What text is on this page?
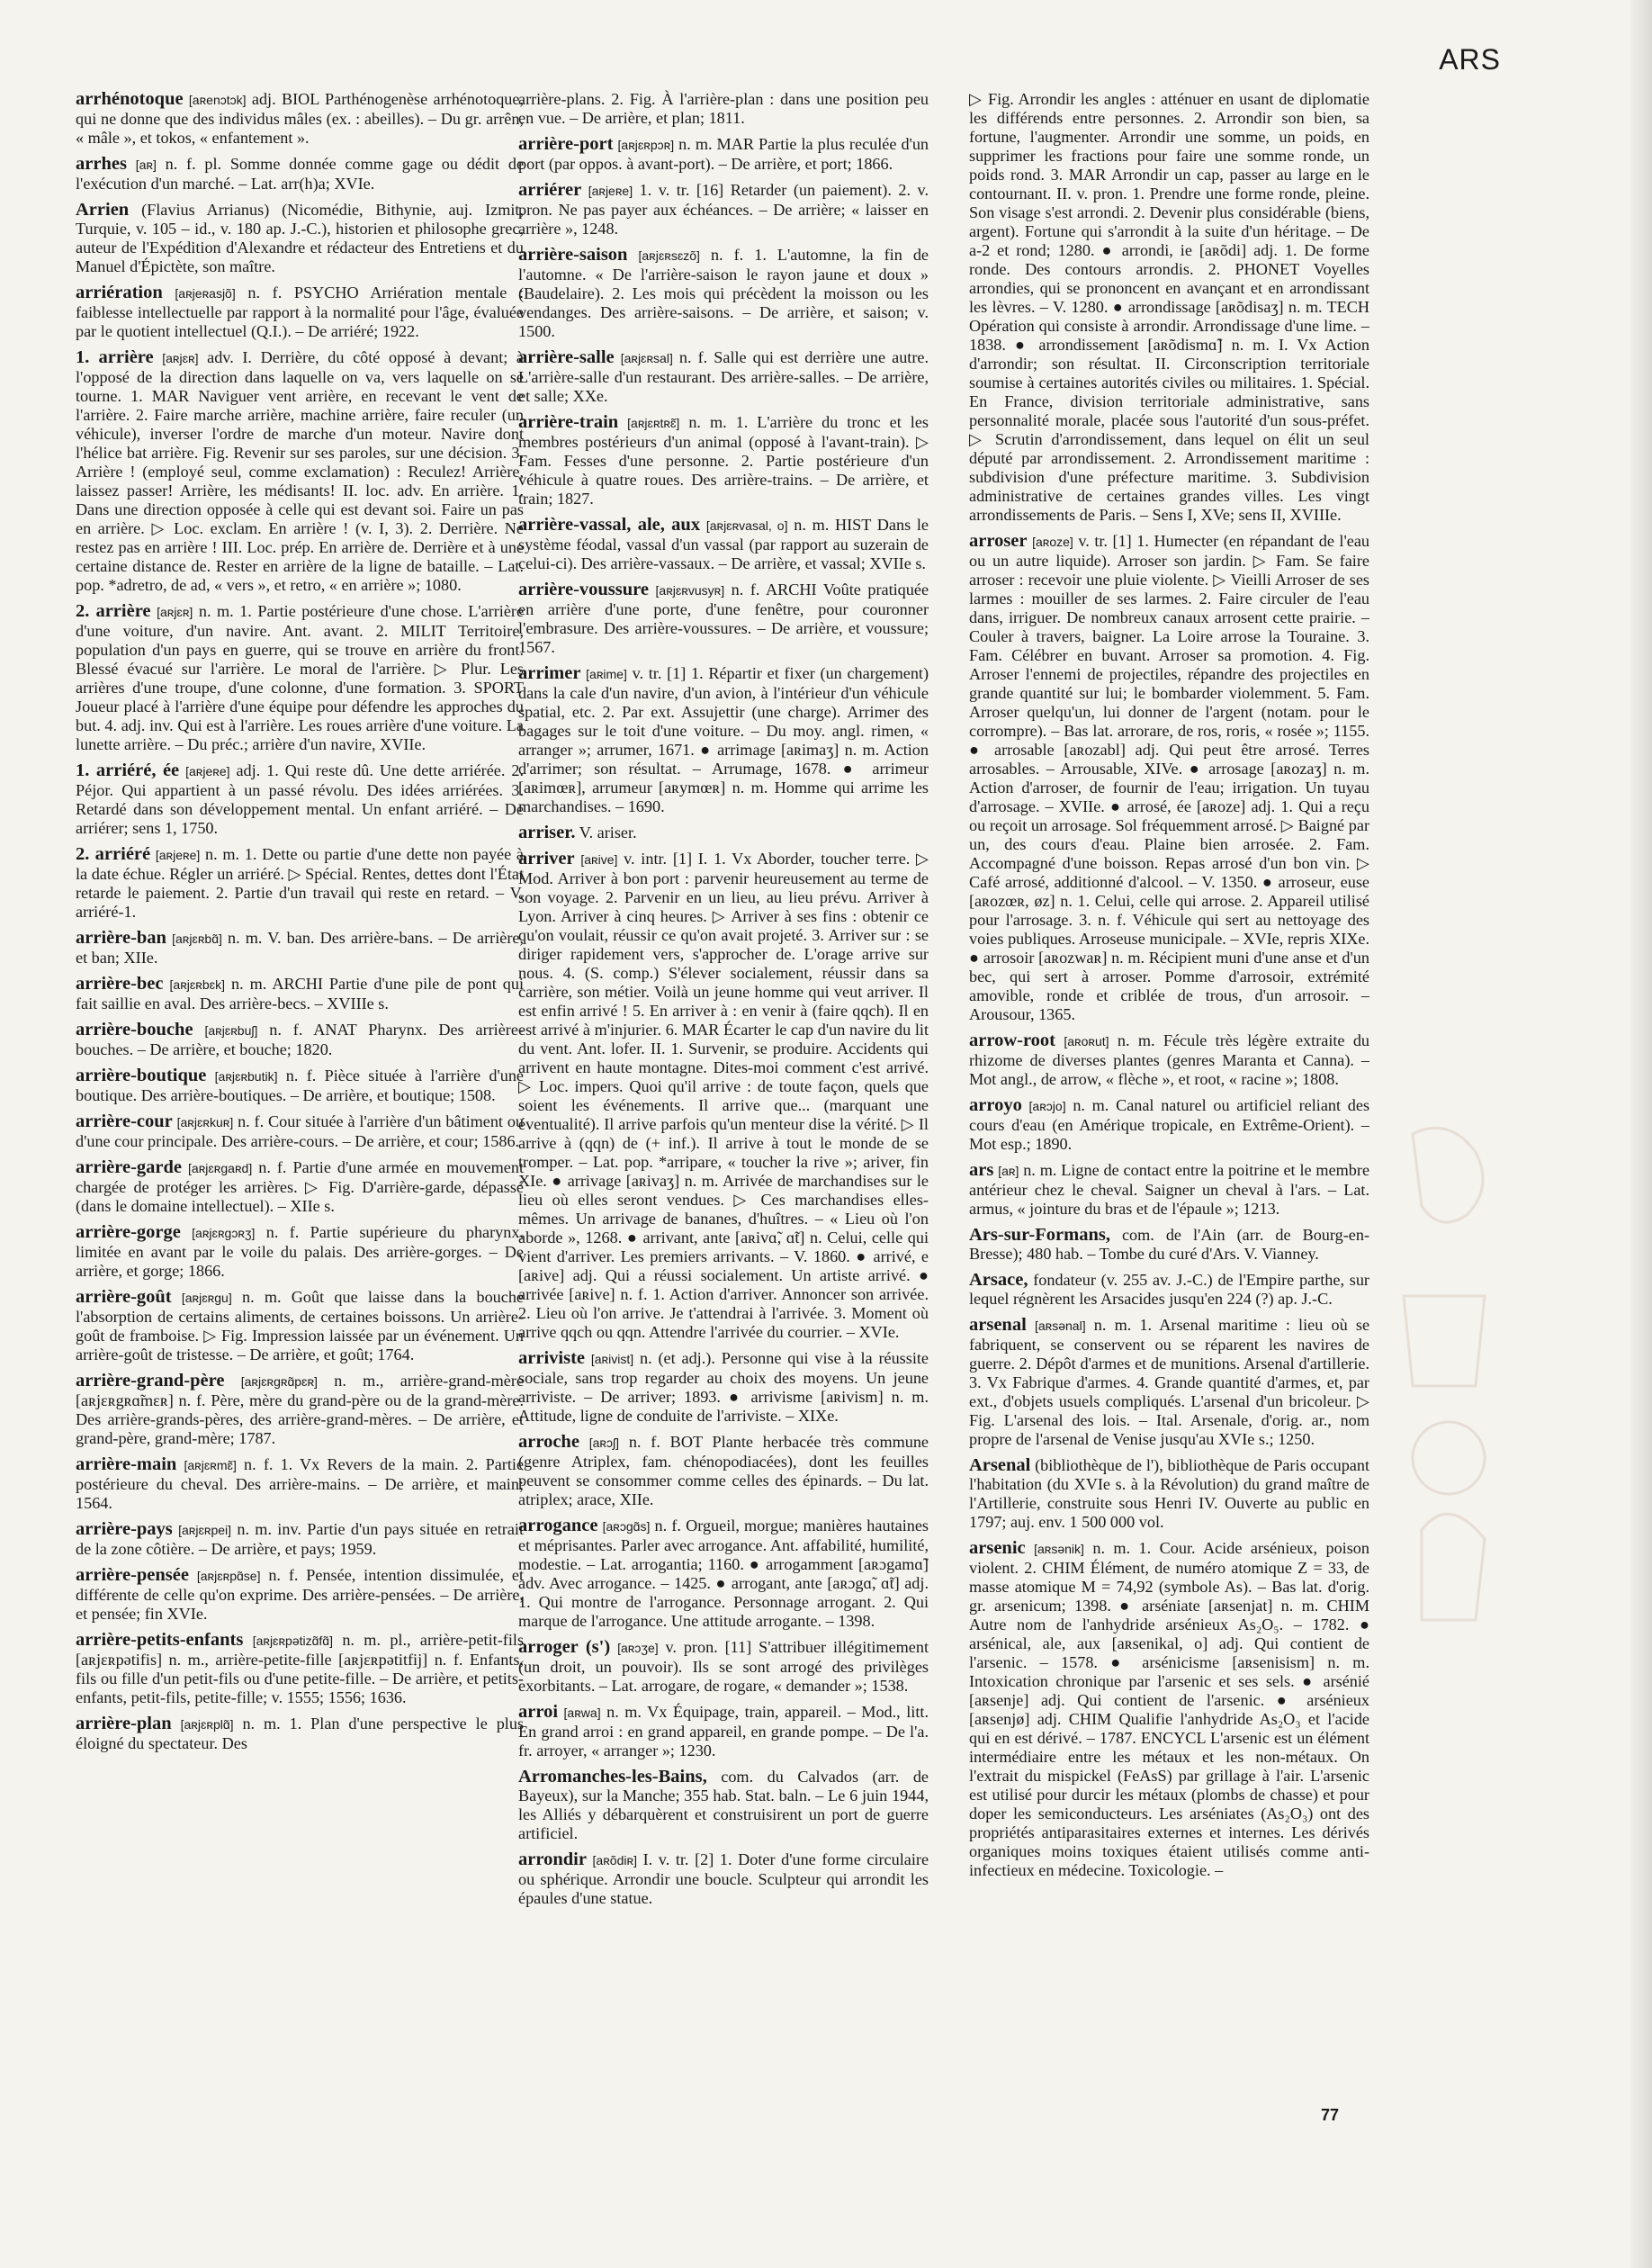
ARS

arrhénotoque [aʀenɔtɔk] adj. BIOL Parthénogenèse arrhénotoque, qui ne donne que des individus mâles (ex. : abeilles). – Du gr. arrên, « mâle », et tokos, « enfantement ».

arrhes [aʀ] n. f. pl. Somme donnée comme gage ou dédit de l'exécution d'un marché. – Lat. arr(h)a; XVIe.

Arrien (Flavius Arrianus) (Nicomédie, Bithynie, auj. Izmit, Turquie, v. 105 – id., v. 180 ap. J.-C.), historien et philosophe grec, auteur de l'Expédition d'Alexandre et rédacteur des Entretiens et du Manuel d'Épictète, son maître.

arriération [aʀjeʀasjõ] n. f. PSYCHO Arriération mentale : faiblesse intellectuelle par rapport à la normalité pour l'âge, évaluée par le quotient intellectuel (Q.I.). – De arriéré; 1922.

1. arrière [aʀjɛʀ] adv. I. Derrière, du côté opposé à devant; à l'opposé de la direction dans laquelle on va, vers laquelle on se tourne. 1. MAR Naviguer vent arrière, en recevant le vent de l'arrière. 2. Faire marche arrière, machine arrière, faire reculer (un véhicule), inverser l'ordre de marche d'un moteur. Navire dont l'hélice bat arrière. Fig. Revenir sur ses paroles, sur une décision. 3. Arrière ! (employé seul, comme exclamation) : Reculez! Arrière, laissez passer! Arrière, les médisants! II. loc. adv. En arrière. 1. Dans une direction opposée à celle qui est devant soi. Faire un pas en arrière. ▷ Loc. exclam. En arrière ! (v. I, 3). 2. Derrière. Ne restez pas en arrière ! III. Loc. prép. En arrière de. Derrière et à une certaine distance de. Rester en arrière de la ligne de bataille. – Lat. pop. *adretro, de ad, « vers », et retro, « en arrière »; 1080.

2. arrière [aʀjɛʀ] n. m. 1. Partie postérieure d'une chose. L'arrière d'une voiture, d'un navire. Ant. avant. 2. MILIT Territoire, population d'un pays en guerre, qui se trouve en arrière du front. Blessé évacué sur l'arrière. Le moral de l'arrière. ▷ Plur. Les arrières d'une troupe, d'une colonne, d'une formation. 3. SPORT Joueur placé à l'arrière d'une équipe pour défendre les approches du but. 4. adj. inv. Qui est à l'arrière. Les roues arrière d'une voiture. La lunette arrière. – Du préc.; arrière d'un navire, XVIIe.

1. arriéré, ée [aʀjeʀe] adj. 1. Qui reste dû. Une dette arriérée. 2. Péjor. Qui appartient à un passé révolu. Des idées arriérées. 3. Retardé dans son développement mental. Un enfant arriéré. – De arriérer; sens 1, 1750.

2. arriéré [aʀjeʀe] n. m. 1. Dette ou partie d'une dette non payée à la date échue. Régler un arriéré. ▷ Spécial. Rentes, dettes dont l'État retarde le paiement. 2. Partie d'un travail qui reste en retard. – V. arriéré-1.

arrière-ban [aʀjɛʀbɑ̃] n. m. V. ban. Des arrière-bans. – De arrière, et ban; XIIe.

arrière-bec [aʀjɛʀbɛk] n. m. ARCHI Partie d'une pile de pont qui fait saillie en aval. Des arrière-becs. – XVIIIe s.

arrière-bouche [aʀjɛʀbuʃ] n. f. ANAT Pharynx. Des arrière-bouches. – De arrière, et bouche; 1820.

arrière-boutique [aʀjɛʀbutik] n. f. Pièce située à l'arrière d'une boutique. Des arrière-boutiques. – De arrière, et boutique; 1508.

arrière-cour [aʀjɛʀkuʀ] n. f. Cour située à l'arrière d'un bâtiment ou d'une cour principale. Des arrière-cours. – De arrière, et cour; 1586.

arrière-garde [aʀjɛʀgaʀd] n. f. Partie d'une armée en mouvement chargée de protéger les arrières. ▷ Fig. D'arrière-garde, dépassé (dans le domaine intellectuel). – XIIe s.

arrière-gorge [aʀjɛʀgɔʀʒ] n. f. Partie supérieure du pharynx, limitée en avant par le voile du palais. Des arrière-gorges. – De arrière, et gorge; 1866.

arrière-goût [aʀjɛʀgu] n. m. Goût que laisse dans la bouche l'absorption de certains aliments, de certaines boissons. Un arrière-goût de framboise. ▷ Fig. Impression laissée par un événement. Un arrière-goût de tristesse. – De arrière, et goût; 1764.

arrière-grand-père [aʀjɛʀgʀɑ̃pɛʀ] n. m., arrière-grand-mère [aʀjɛʀgʀɑ̃mɛʀ] n. f. Père, mère du grand-père ou de la grand-mère. Des arrière-grands-pères, des arrière-grand-mères. – De arrière, et grand-père, grand-mère; 1787.

arrière-main [aʀjɛʀmɛ̃] n. f. 1. Vx Revers de la main. 2. Partie postérieure du cheval. Des arrière-mains. – De arrière, et main; 1564.

arrière-pays [aʀjɛʀpei] n. m. inv. Partie d'un pays située en retrait de la zone côtière. – De arrière, et pays; 1959.

arrière-pensée [aʀjɛʀpɑ̃se] n. f. Pensée, intention dissimulée, et différente de celle qu'on exprime. Des arrière-pensées. – De arrière, et pensée; fin XVIe.

arrière-petits-enfants [aʀjɛʀpətizɑ̃fɑ̃] n. m. pl., arrière-petit-fils [aʀjɛʀpətifis] n. m., arrière-petite-fille [aʀjɛʀpətitfij] n. f. Enfants, fils ou fille d'un petit-fils ou d'une petite-fille. – De arrière, et petits-enfants, petit-fils, petite-fille; v. 1555; 1556; 1636.

arrière-plan [aʀjɛʀplɑ̃] n. m. 1. Plan d'une perspective le plus éloigné du spectateur. Des

arrière-plans. 2. Fig. À l'arrière-plan : dans une position peu en vue. – De arrière, et plan; 1811.

arrière-port [aʀjɛʀpɔʀ] n. m. MAR Partie la plus reculée d'un port (par oppos. à avant-port). – De arrière, et port; 1866.

arriérer [aʀjeʀe] 1. v. tr. [16] Retarder (un paiement). 2. v. pron. Ne pas payer aux échéances. – De arrière; « laisser en arrière », 1248.

arrière-saison [aʀjɛʀsɛzõ] n. f. 1. L'automne, la fin de l'automne. « De l'arrière-saison le rayon jaune et doux » (Baudelaire). 2. Les mois qui précèdent la moisson ou les vendanges. Des arrière-saisons. – De arrière, et saison; v. 1500.

arrière-salle [aʀjɛʀsal] n. f. Salle qui est derrière une autre. L'arrière-salle d'un restaurant. Des arrière-salles. – De arrière, et salle; XXe.

arrière-train [aʀjɛʀtʀɛ̃] n. m. 1. L'arrière du tronc et les membres postérieurs d'un animal (opposé à l'avant-train). ▷ Fam. Fesses d'une personne. 2. Partie postérieure d'un véhicule à quatre roues. Des arrière-trains. – De arrière, et train; 1827.

arrière-vassal, ale, aux [aʀjɛʀvasal, o] n. m. HIST Dans le système féodal, vassal d'un vassal (par rapport au suzerain de celui-ci). Des arrière-vassaux. – De arrière, et vassal; XVIIe s.

arrière-voussure [aʀjɛʀvusyʀ] n. f. ARCHI Voûte pratiquée en arrière d'une porte, d'une fenêtre, pour couronner l'embrasure. Des arrière-voussures. – De arrière, et voussure; 1567.

arrimer [aʀime] v. tr. [1] 1. Répartir et fixer (un chargement) dans la cale d'un navire, d'un avion, à l'intérieur d'un véhicule spatial, etc. 2. Par ext. Assujettir (une charge). Arrimer des bagages sur le toit d'une voiture. – Du moy. angl. rimen, « arranger »; arrumer, 1671. ● arrimage [aʀimaʒ] n. m. Action d'arrimer; son résultat. – Arrumage, 1678. ● arrimeur [aʀimœʀ], arrumeur [aʀymœʀ] n. m. Homme qui arrime les marchandises. – 1690.

arriser. V. ariser.

arriver [aʀive] v. intr. [1] I. 1. Vx Aborder, toucher terre. ▷ Mod. Arriver à bon port : parvenir heureusement au terme de son voyage. 2. Parvenir en un lieu, au lieu prévu. Arriver à Lyon. Arriver à cinq heures. ▷ Arriver à ses fins : obtenir ce qu'on voulait, réussir ce qu'on avait projeté. 3. Arriver sur : se diriger rapidement vers, s'approcher de. L'orage arrive sur nous. 4. (S. comp.) S'élever socialement, réussir dans sa carrière, son métier. Voilà un jeune homme qui veut arriver. Il est enfin arrivé ! 5. En arriver à : en venir à (faire qqch). Il en est arrivé à m'injurier. 6. MAR Écarter le cap d'un navire du lit du vent. Ant. lofer. II. 1. Survenir, se produire. Accidents qui arrivent en haute montagne. Dites-moi comment c'est arrivé. ▷ Loc. impers. Quoi qu'il arrive : de toute façon, quels que soient les événements. Il arrive que... (marquant une éventualité). Il arrive parfois qu'un menteur dise la vérité. ▷ Il arrive à (qqn) de (+ inf.). Il arrive à tout le monde de se tromper. – Lat. pop. *arripare, « toucher la rive »; ariver, fin XIe. ● arrivage [aʀivaʒ] n. m. Arrivée de marchandises sur le lieu où elles seront vendues. ▷ Ces marchandises elles-mêmes. Un arrivage de bananes, d'huîtres. – « Lieu où l'on aborde », 1268. ● arrivant, ante [aʀivɑ̃, ɑ̃t] n. Celui, celle qui vient d'arriver. Les premiers arrivants. – V. 1860. ● arrivé, e [aʀive] adj. Qui a réussi socialement. Un artiste arrivé. ● arrivée [aʀive] n. f. 1. Action d'arriver. Annoncer son arrivée. 2. Lieu où l'on arrive. Je t'attendrai à l'arrivée. 3. Moment où arrive qqch ou qqn. Attendre l'arrivée du courrier. – XVIe.

arriviste [aʀivist] n. (et adj.). Personne qui vise à la réussite sociale, sans trop regarder au choix des moyens. Un jeune arriviste. – De arriver; 1893. ● arrivisme [aʀivism] n. m. Attitude, ligne de conduite de l'arriviste. – XIXe.

arroche [aʀɔʃ] n. f. BOT Plante herbacée très commune (genre Atriplex, fam. chénopodiacées), dont les feuilles peuvent se consommer comme celles des épinards. – Du lat. atriplex; arace, XIIe.

arrogance [aʀɔgɑ̃s] n. f. Orgueil, morgue; manières hautaines et méprisantes. Parler avec arrogance. Ant. affabilité, humilité, modestie. – Lat. arrogantia; 1160. ● arrogamment [aʀɔgamɑ̃] adv. Avec arrogance. – 1425. ● arrogant, ante [aʀɔgɑ̃, ɑ̃t] adj. 1. Qui montre de l'arrogance. Personnage arrogant. 2. Qui marque de l'arrogance. Une attitude arrogante. – 1398.

arroger (s') [aʀɔʒe] v. pron. [11] S'attribuer illégitimement (un droit, un pouvoir). Ils se sont arrogé des privilèges exorbitants. – Lat. arrogare, de rogare, « demander »; 1538.

arroi [aʀwa] n. m. Vx Équipage, train, appareil. – Mod., litt. En grand arroi : en grand appareil, en grande pompe. – De l'a. fr. arroyer, « arranger »; 1230.

Arromanches-les-Bains, com. du Calvados (arr. de Bayeux), sur la Manche; 355 hab. Stat. baln. – Le 6 juin 1944, les Alliés y débarquèrent et construisirent un port de guerre artificiel.

arrondir [aʀõdiʀ] I. v. tr. [2] 1. Doter d'une forme circulaire ou sphérique. Arrondir une boucle. Sculpteur qui arrondit les épaules d'une statue.

▷ Fig. Arrondir les angles : atténuer en usant de diplomatie les différends entre personnes. 2. Arrondir son bien, sa fortune, l'augmenter. Arrondir une somme, un poids, en supprimer les fractions pour faire une somme ronde, un poids rond. 3. MAR Arrondir un cap, passer au large en le contournant. II. v. pron. 1. Prendre une forme ronde, pleine. Son visage s'est arrondi. 2. Devenir plus considérable (biens, argent). Fortune qui s'arrondit à la suite d'un héritage. – De a-2 et rond; 1280. ● arrondi, ie [aʀõdi] adj. 1. De forme ronde. Des contours arrondis. 2. PHONET Voyelles arrondies, qui se prononcent en avançant et en arrondissant les lèvres. – V. 1280. ● arrondissage [aʀõdisaʒ] n. m. TECH Opération qui consiste à arrondir. Arrondissage d'une lime. – 1838. ● arrondissement [aʀõdismɑ̃] n. m. I. Vx Action d'arrondir; son résultat. II. Circonscription territoriale soumise à certaines autorités civiles ou militaires. 1. Spécial. En France, division territoriale administrative, sans personnalité morale, placée sous l'autorité d'un sous-préfet. ▷ Scrutin d'arrondissement, dans lequel on élit un seul député par arrondissement. 2. Arrondissement maritime : subdivision d'une préfecture maritime. 3. Subdivision administrative de certaines grandes villes. Les vingt arrondissements de Paris. – Sens I, XVe; sens II, XVIIIe.

arroser [aʀoze] v. tr. [1] 1. Humecter (en répandant de l'eau ou un autre liquide). Arroser son jardin. ▷ Fam. Se faire arroser : recevoir une pluie violente. ▷ Vieilli Arroser de ses larmes : mouiller de ses larmes. 2. Faire circuler de l'eau dans, irriguer. De nombreux canaux arrosent cette prairie. – Couler à travers, baigner. La Loire arrose la Touraine. 3. Fam. Célébrer en buvant. Arroser sa promotion. 4. Fig. Arroser l'ennemi de projectiles, répandre des projectiles en grande quantité sur lui; le bombarder violemment. 5. Fam. Arroser quelqu'un, lui donner de l'argent (notam. pour le corrompre). – Bas lat. arrorare, de ros, roris, « rosée »; 1155. ● arrosable [aʀozabl] adj. Qui peut être arrosé. Terres arrosables. – Arrousable, XIVe. ● arrosage [aʀozaʒ] n. m. Action d'arroser, de fournir de l'eau; irrigation. Un tuyau d'arrosage. – XVIIe. ● arrosé, ée [aʀoze] adj. 1. Qui a reçu ou reçoit un arrosage. Sol fréquemment arrosé. ▷ Baigné par un, des cours d'eau. Plaine bien arrosée. 2. Fam. Accompagné d'une boisson. Repas arrosé d'un bon vin. ▷ Café arrosé, additionné d'alcool. – V. 1350. ● arroseur, euse [aʀozœʀ, øz] n. 1. Celui, celle qui arrose. 2. Appareil utilisé pour l'arrosage. 3. n. f. Véhicule qui sert au nettoyage des voies publiques. Arroseuse municipale. – XVIe, repris XIXe. ● arrosoir [aʀozwaʀ] n. m. Récipient muni d'une anse et d'un bec, qui sert à arroser. Pomme d'arrosoir, extrémité amovible, ronde et criblée de trous, d'un arrosoir. – Arousour, 1365.

arrow-root [aʀoʀut] n. m. Fécule très légère extraite du rhizome de diverses plantes (genres Maranta et Canna). – Mot angl., de arrow, « flèche », et root, « racine »; 1808.

arroyo [aʀɔjo] n. m. Canal naturel ou artificiel reliant des cours d'eau (en Amérique tropicale, en Extrême-Orient). – Mot esp.; 1890.

ars [aʀ] n. m. Ligne de contact entre la poitrine et le membre antérieur chez le cheval. Saigner un cheval à l'ars. – Lat. armus, « jointure du bras et de l'épaule »; 1213.

Ars-sur-Formans, com. de l'Ain (arr. de Bourg-en-Bresse); 480 hab. – Tombe du curé d'Ars. V. Vianney.

Arsace, fondateur (v. 255 av. J.-C.) de l'Empire parthe, sur lequel régnèrent les Arsacides jusqu'en 224 (?) ap. J.-C.

arsenal [aʀsənal] n. m. 1. Arsenal maritime : lieu où se fabriquent, se conservent ou se réparent les navires de guerre. 2. Dépôt d'armes et de munitions. Arsenal d'artillerie. 3. Vx Fabrique d'armes. 4. Grande quantité d'armes, et, par ext., d'objets usuels compliqués. L'arsenal d'un bricoleur. ▷ Fig. L'arsenal des lois. – Ital. Arsenale, d'orig. ar., nom propre de l'arsenal de Venise jusqu'au XVIe s.; 1250.

Arsenal (bibliothèque de l'), bibliothèque de Paris occupant l'habitation (du XVIe s. à la Révolution) du grand maître de l'Artillerie, construite sous Henri IV. Ouverte au public en 1797; auj. env. 1 500 000 vol.

arsenic [aʀsənik] n. m. 1. Cour. Acide arsénieux, poison violent. 2. CHIM Élément, de numéro atomique Z = 33, de masse atomique M = 74,92 (symbole As). – Bas lat. d'orig. gr. arsenicum; 1398. ● arséniate [aʀsenjat] n. m. CHIM Autre nom de l'anhydride arsénieux As₂O₅. – 1782. ● arsénical, ale, aux [aʀsenikal, o] adj. Qui contient de l'arsenic. – 1578. ● arsénicisme [aʀsenisism] n. m. Intoxication chronique par l'arsenic et ses sels. ● arsénié [aʀsenje] adj. Qui contient de l'arsenic. ● arsénieux [aʀsenjø] adj. CHIM Qualifie l'anhydride As₂O₃ et l'acide qui en est dérivé. – 1787. ENCYCL L'arsenic est un élément intermédiaire entre les métaux et les non-métaux. On l'extrait du mispickel (FeAsS) par grillage à l'air. L'arsenic est utilisé pour durcir les métaux (plombs de chasse) et pour doper les semiconducteurs. Les arséniates (As₂O₃) ont des propriétés antiparasitaires externes et internes. Les dérivés organiques moins toxiques étaient utilisés comme anti-infectieux en médecine. Toxicologie. –

77
